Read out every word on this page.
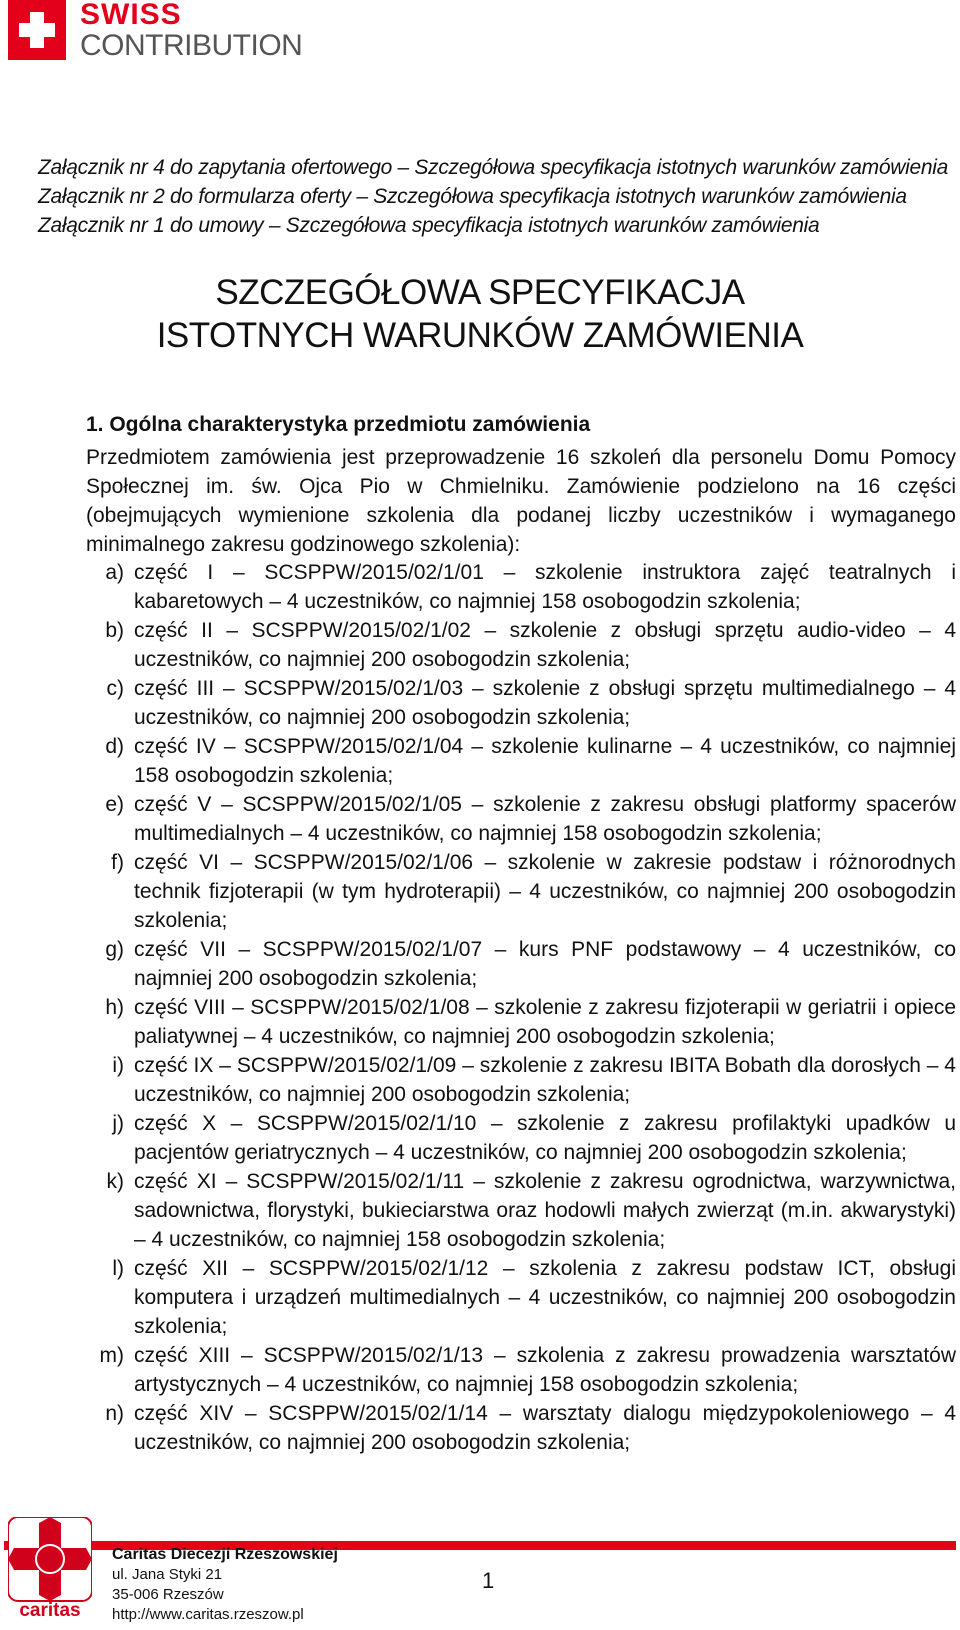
SWISS
CONTRIBUTION
Załącznik nr 4 do zapytania ofertowego – Szczegółowa specyfikacja istotnych warunków zamówienia
Załącznik nr 2 do formularza oferty – Szczegółowa specyfikacja istotnych warunków zamówienia
Załącznik nr 1 do umowy – Szczegółowa specyfikacja istotnych warunków zamówienia
SZCZEGÓŁOWA SPECYFIKACJA
ISTOTNYCH WARUNKÓW ZAMÓWIENIA
1. Ogólna charakterystyka przedmiotu zamówienia

Przedmiotem zamówienia jest przeprowadzenie 16 szkoleń dla personelu Domu Pomocy Społecznej im. św. Ojca Pio w Chmielniku. Zamówienie podzielono na 16 części (obejmujących wymienione szkolenia dla podanej liczby uczestników i wymaganego minimalnego zakresu godzinowego szkolenia):

a) część I – SCSPPW/2015/02/1/01 – szkolenie instruktora zajęć teatralnych i kabaretowych – 4 uczestników, co najmniej 158 osobogodzin szkolenia;
b) część II – SCSPPW/2015/02/1/02 – szkolenie z obsługi sprzętu audio-video – 4 uczestników, co najmniej 200 osobogodzin szkolenia;
c) część III – SCSPPW/2015/02/1/03 – szkolenie z obsługi sprzętu multimedialnego – 4 uczestników, co najmniej 200 osobogodzin szkolenia;
d) część IV – SCSPPW/2015/02/1/04 – szkolenie kulinarne – 4 uczestników, co najmniej 158 osobogodzin szkolenia;
e) część V – SCSPPW/2015/02/1/05 – szkolenie z zakresu obsługi platformy spacerów multimedialnych – 4 uczestników, co najmniej 158 osobogodzin szkolenia;
f) część VI – SCSPPW/2015/02/1/06 – szkolenie w zakresie podstaw i różnorodnych technik fizjoterapii (w tym hydroterapii) – 4 uczestników, co najmniej 200 osobogodzin szkolenia;
g) część VII – SCSPPW/2015/02/1/07 – kurs PNF podstawowy – 4 uczestników, co najmniej 200 osobogodzin szkolenia;
h) część VIII – SCSPPW/2015/02/1/08 – szkolenie z zakresu fizjoterapii w geriatrii i opiece paliatywnej – 4 uczestników, co najmniej 200 osobogodzin szkolenia;
i) część IX – SCSPPW/2015/02/1/09 – szkolenie z zakresu IBITA Bobath dla dorosłych – 4 uczestników, co najmniej 200 osobogodzin szkolenia;
j) część X – SCSPPW/2015/02/1/10 – szkolenie z zakresu profilaktyki upadków u pacjentów geriatrycznych – 4 uczestników, co najmniej 200 osobogodzin szkolenia;
k) część XI – SCSPPW/2015/02/1/11 – szkolenie z zakresu ogrodnictwa, warzywnictwa, sadownictwa, florystyki, bukieciarstwa oraz hodowli małych zwierząt (m.in. akwarystyki) – 4 uczestników, co najmniej 158 osobogodzin szkolenia;
l) część XII – SCSPPW/2015/02/1/12 – szkolenia z zakresu podstaw ICT, obsługi komputera i urządzeń multimedialnych – 4 uczestników, co najmniej 200 osobogodzin szkolenia;
m) część XIII – SCSPPW/2015/02/1/13 – szkolenia z zakresu prowadzenia warsztatów artystycznych – 4 uczestników, co najmniej 158 osobogodzin szkolenia;
n) część XIV – SCSPPW/2015/02/1/14 – warsztaty dialogu międzypokoleniowego – 4 uczestników, co najmniej 200 osobogodzin szkolenia;
caritas
Caritas Diecezji Rzeszowskiej
ul. Jana Styki 21
35-006 Rzeszów
http://www.caritas.rzeszow.pl
1
